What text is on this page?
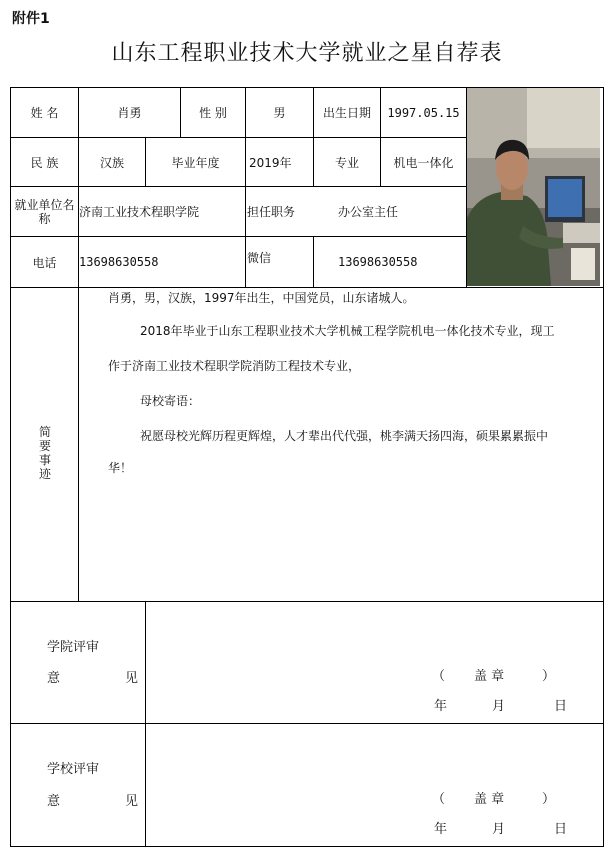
附件1
山东工程职业技术大学就业之星自荐表
姓 名	肖勇	性 别	男	出生日期	1997.05.15
民 族	汉族	毕业年度	2019年	专业	机电一体化
就业单位名称	济南工业技术程职学院	担任职务	办公室主任
电话	13698630558	微信	13698630558
简要事迹
肖勇，男，汉族，1997年出生，中国党员，山东诸城人。
2018年毕业于山东工程职业技术大学机械工程学院机电一体化技术专业，现工
作于济南工业技术程职学院消防工程技术专业，
母校寄语：
祝愿母校光辉历程更辉煌，人才辈出代代强，桃李满天扬四海，硕果累累振中
华！
学院评审
意	见	（ 盖 章	）
年	月	日
学校评审
意	见	（ 盖 章	）
年	月	日
